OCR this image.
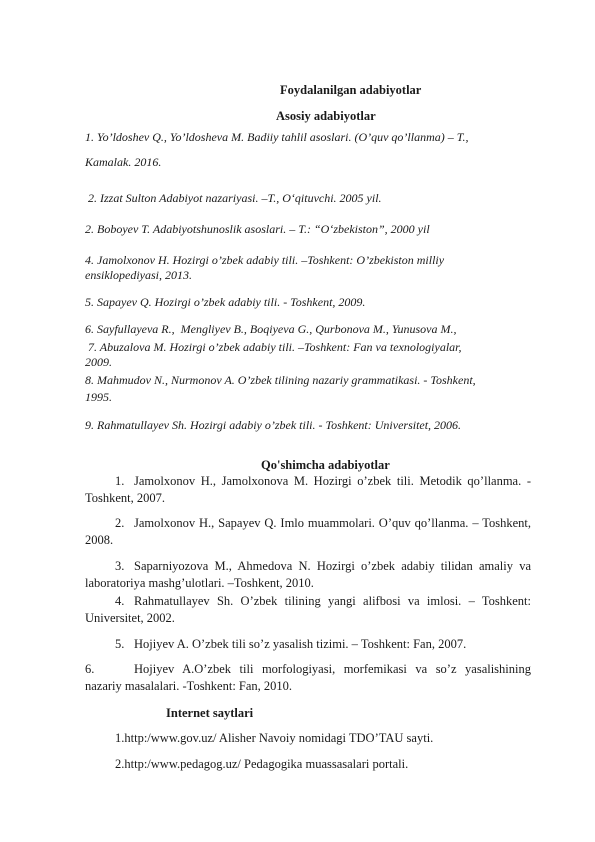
Foydalanilgan adabiyotlar
Asosiy adabiyotlar
1. Yo’ldoshev Q., Yo’ldosheva M. Badiiy tahlil asoslari. (O’quv qo’llanma) – T.,
Kamalak. 2016.
2. Izzat Sulton Adabiyot nazariyasi. –T., O‘qituvchi. 2005 yil.
2. Boboyev T. Adabiyotshunoslik asoslari. – T.: “O‘zbekiston”, 2000 yil
4. Jamolxonov H. Hozirgi o’zbek adabiy tili. –Toshkent: O’zbekiston milliy
ensiklopediyasi, 2013.
5. Sapayev Q. Hozirgi o’zbek adabiy tili. - Toshkent, 2009.
6. Sayfullayeva R.,  Mengliyev B., Boqiyeva G., Qurbonova M., Yunusova M.,
7. Abuzalova M. Hozirgi o’zbek adabiy tili. –Toshkent: Fan va texnologiyalar,
2009.
8. Mahmudov N., Nurmonov A. O’zbek tilining nazariy grammatikasi. - Toshkent,
1995.
9. Rahmatullayev Sh. Hozirgi adabiy o’zbek tili. - Toshkent: Universitet, 2006.
Qo'shimcha adabiyotlar
1. Jamolxonov H., Jamolxonova M. Hozirgi o’zbek tili. Metodik qo’llanma. - Toshkent, 2007.
2. Jamolxonov H., Sapayev Q. Imlo muammolari. O’quv qo’llanma. – Toshkent, 2008.
3. Saparniyozova M., Ahmedova N. Hozirgi o’zbek adabiy tilidan amaliy va laboratoriya mashg’ulotlari. –Toshkent, 2010.
4. Rahmatullayev Sh. O’zbek tilining yangi alifbosi va imlosi. – Toshkent: Universitet, 2002.
5. Hojiyev A. O’zbek tili so’z yasalish tizimi. – Toshkent: Fan, 2007.
6.	Hojiyev A.O’zbek tili morfologiyasi, morfemikasi va so’z yasalishining nazariy masalalari. -Toshkent: Fan, 2010.
Internet saytlari
1.http:/www.gov.uz/ Alisher Navoiy nomidagi TDO’TAU sayti.
2.http:/www.pedagog.uz/ Pedagogika muassasalari portali.
